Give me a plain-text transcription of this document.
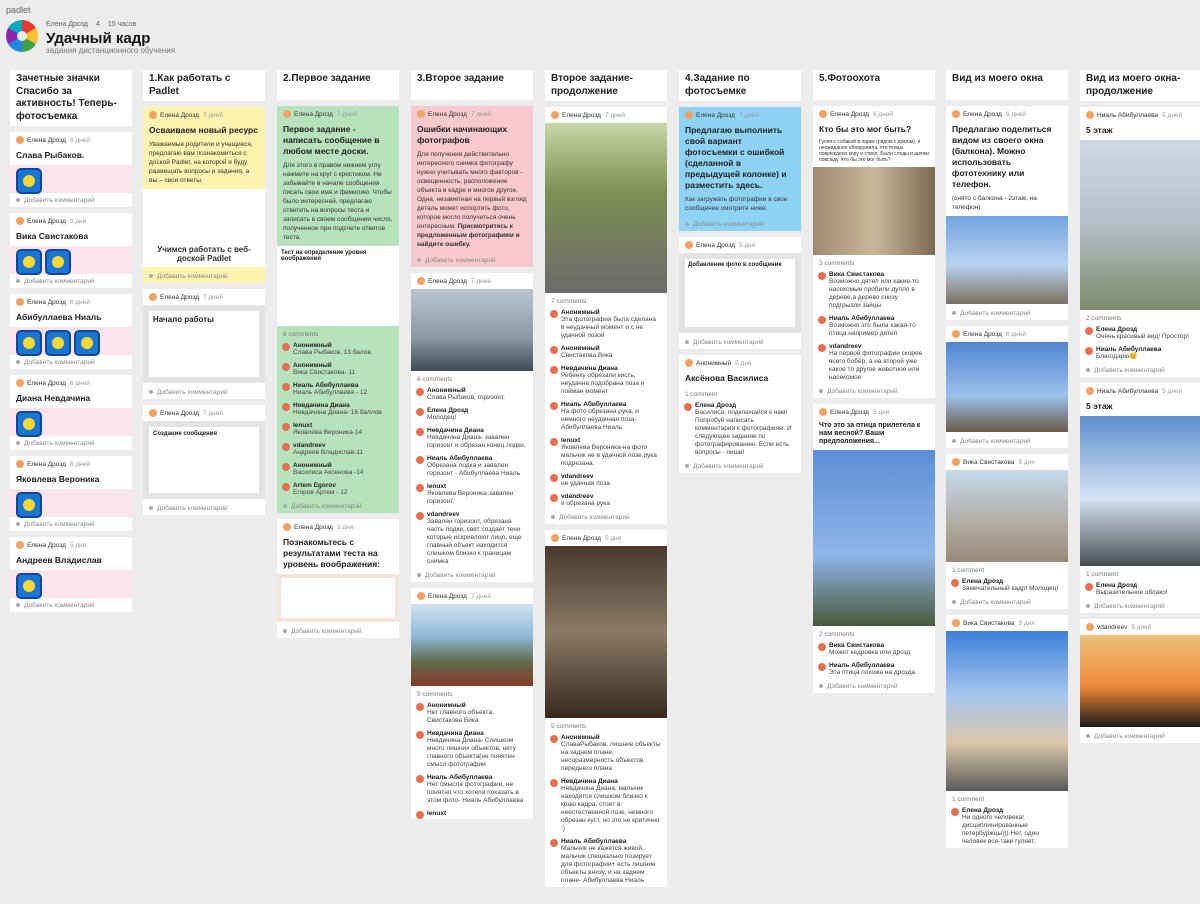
padlet
Елена Дрозд 4 15 часов
Удачный кадр
задания дистанционного обучения
Зачетные значки Спасибо за активность! Теперь-фотосъемка
Елена Дрозд 6 дней
Слава Рыбаков.
Добавить комментарий
Елена Дрозд 5 дня
Вика Свистакова
Добавить комментарий
Елена Дрозд 6 дней
Абибуллаева Ниаль
Добавить комментарий
Елена Дрозд 6 дней
Диана Невдачина
Добавить комментарий
Елена Дрозд 6 дней
Яковлева Вероника
Добавить комментарий
Елена Дрозд 5 дня
Андреев Владислав
Добавить комментарий
1.Как работать с Padlet
Елена Дрозд 7 дней
Осваиваем новый ресурс
Уважаемые родители и учащиеся, предлагаю вам познакомиться с доской Padlet, на которой я буду размещать вопросы и задания, а вы – свои ответы.
Учимся работать с веб-доской Padlet
Добавить комментарий
Елена Дрозд 7 дней
Начало работы
Добавить комментарий
Елена Дрозд 7 дней
Создание сообщения
Добавить комментарий
2.Первое задание
Елена Дрозд 7 дней
Первое задание - написать сообщение в любом месте доски.
Для этого в правом нижнем углу нажмите на круг с крестиком. Не забывайте в начале сообщения писать свои имя и фамилию. Чтобы было интересней, предлагаю ответить на вопросы теста и записать в своем сообщении число, полученное при подсчете ответов теста.
Тест на определение уровня воображения
8 comments
Анонимный
Слава Рыбаков, 13 балов.
Анонимный
Вика Свистакова- 11
Ниаль Абибуллаева
Ниаль Абибуллаева - 12
Невдачина Диана
Невдачина Диана- 16 баллов
lenuxt
Яковлева Вероника-14
vdandreev
Андреев Владислав-11
Анонимный
Василиса Аксенова -14
Artem Egorov
Егоров Артем - 12
Добавить комментарий
Елена Дрозд 5 дня
Познакомьтесь с результатами теста на уровень воображения:
Добавить комментарий
3.Второе задание
Елена Дрозд 7 дней
Ошибки начинающих фотографов
Для получения действительно интересного снимка фотографу нужно учитывать много факторов - освещенность, расположение объекта в кадре и многое другое. Одна, незаметная на первый взгляд деталь может испортить фото, которое могло получиться очень интересным. Присмотритесь к предложенным фотографиям и найдите ошибку.
Добавить комментарий
Елена Дрозд 7 дней
6 comments
Анонимный
Слава Рыбаков, горизонт.
Елена Дрозд
Молодец!
Невдачина Диана
Невдачина Диана- завален горизонт и обрезан конец лодки.
Ниаль Абибуллаева
Обрезана лодка и завален горизонт - Абибуллаева Ниаль
lenuxt
Яковлева Вероника-завален горизонт.
vdandreev
Завален горизонт, обрезана часть лодки, свет создает тени которые искривляют лицо, еще главный объект находится слишком близко к границам снимка
Добавить комментарий
Елена Дрозд 7 дней
5 comments
Анонимный
Нет главного объекта. Свистакова Вика
Невдачина Диана
Невдачина Диана- Слишком много лишних объектов, нету главного объекта(не понятен смысл фотографии
Ниаль Абибуллаева
Нет смысла фотографии, не понятно что хотели показать в этом фото- Ниаль Абибуллаева
lenuxt
Второе задание-продолжение
Елена Дрозд 7 дней
7 comments
Анонимный
Эта фотография была сделана в неудачный момент и с не удачной позой
Анонимный
Свистакова Вика
Невдачина Диана
Ребенку обрезали кисть, неудачна подобрана поза и пойман момент
Ниаль Абибуллаева
На фото обрезана рука, и немного неудачная поза-Абибуллаева Ниаль
lenuxt
Яковлева Вероника-на фото мальчик не в удачной позе,рука подрезана.
vdandreev
не удачная поза
vdandreev
и обрезана рука
Добавить комментарий
Елена Дрозд 5 дня
5 comments
Анонимный
СлаваРыбаков, лишние объекты на заднем плане, несоразмерность объектов переднего плана
Невдачина Диана
Невдачина Диана, мальчик находится слишком близко к краю кадра, стоит в неестественной позе, немного обрезан куст, но это не критично :)
Ниаль Абибуллаева
Мальчик не кажется живой, мальчик специально позирует для фотографии+ есть лишние объекты внизу, и на заднем плане- Абибуллаева Ниаль
4.Задание по фотосъемке
Елена Дрозд 7 дней
Предлагаю выполнить свой вариант фотосъемки с ошибкой (сделанной в предыдущей колонке) и разместить здесь.
Как загружать фотографии в свое сообщение смотрите ниже.
Добавить комментарий
Елена Дрозд 5 дня
Добавление фото в сообщение
Добавить комментарий
Анонимный 5 дня
Аксёнова Василиса
1 comment
Елена Дрозд
Василиса, подключайся к нам! Попробуй написать комментарии к фотографиям. И следующее задание по фотографированию. Если есть вопросы - пиши!
Добавить комментарий
5.Фотоохота
Елена Дрозд 6 дней
Кто бы это мог быть?
Гуляя с собакой в парке (рядом с домом), я неожиданно обнаружила, что птицы повреждено кору и ствол. Были следы и щепки повсюду. Кто бы это мог быть?
3 comments
Вика Свистакова
Возможно дятел или какие-то насекомые пробили дупло в дереве,а дерево снизу подгрызли зайцы
Ниаль Абибуллаева
Возможно это была какая-то птица например дятел
vdandreev
На первой фотографии скорее всего бобёр, а на второй уже какое то другое животное или насекомое
Добавить комментарий
Елена Дрозд 5 дня
Что это за птица прилетела к нам весной? Ваши предположения...
2 comments
Вика Свистакова
Может кедровка или дрозд
Ниаль Абибуллаева
Эта птица похожа на дрозда
Добавить комментарий
Вид из моего окна
Елена Дрозд 6 дней
Предлагаю поделиться видом из своего окна (балкона). Можно использовать фототехнику или телефон.
(снято с балкона - 2этаж, на телефон)
Добавить комментарий
Елена Дрозд 6 дней
Добавить комментарий
Вика Свистакова 5 дня
1 comment
Елена Дрозд
Замечательный кадр! Молодец!
Добавить комментарий
Вика Свистакова 5 дня
1 comment
Елена Дрозд
Ни одного человека! дисциплинированные петербуржцы))) Нет, один человек все-таки гуляет.
Вид из моего окна-продолжение
Ниаль Абибуллаева 5 дней
5 этаж
2 comments
Елена Дрозд
Очень красивый вид! Простор!
Ниаль Абибуллаева
Благодарю😊
Добавить комментарий
Ниаль Абибуллаева 5 дней
5 этаж
1 comment
Елена Дрозд
Выразительное облако!
Добавить комментарий
vdandreev 5 дней
Добавить комментарий
